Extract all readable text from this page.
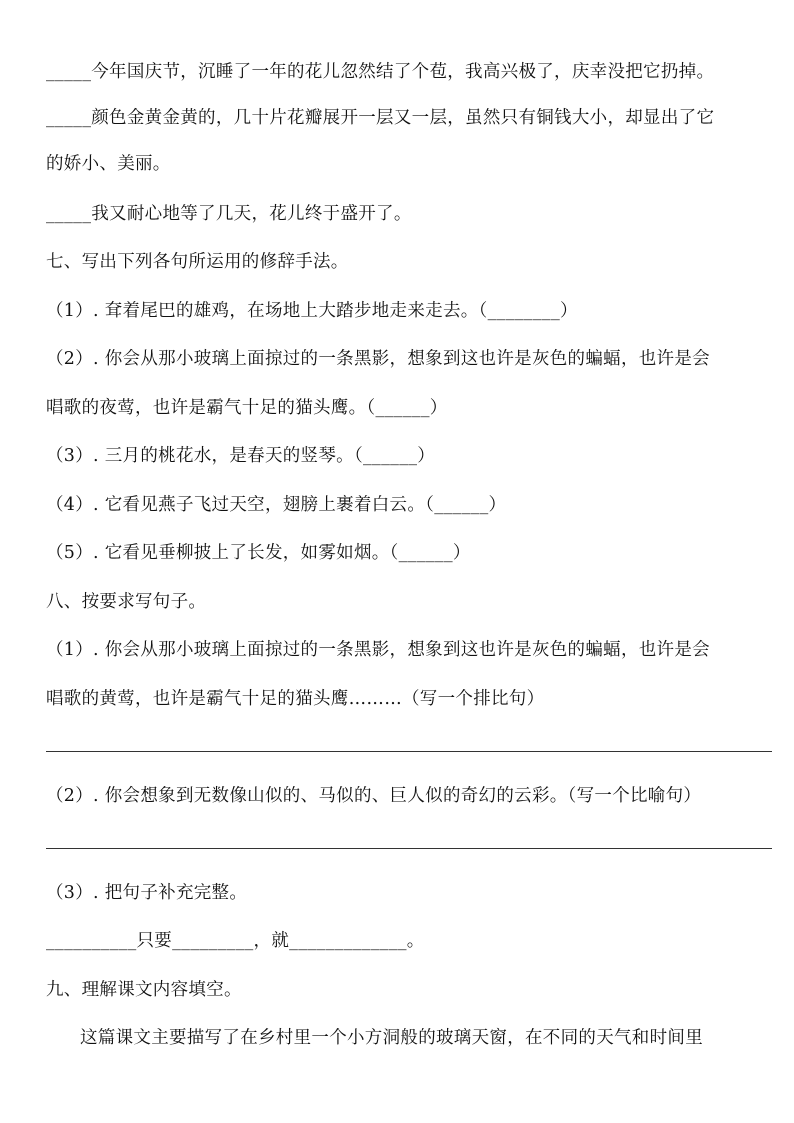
_____今年国庆节，沉睡了一年的花儿忽然结了个苞，我高兴极了，庆幸没把它扔掉。
_____颜色金黄金黄的，几十片花瓣展开一层又一层，虽然只有铜钱大小，却显出了它
的娇小、美丽。
_____我又耐心地等了几天，花儿终于盛开了。
七、写出下列各句所运用的修辞手法。
（1）. 耷着尾巴的雄鸡，在场地上大踏步地走来走去。（________）
（2）. 你会从那小玻璃上面掠过的一条黑影，想象到这也许是灰色的蝙蝠，也许是会
唱歌的夜莺，也许是霸气十足的猫头鹰。（______）
（3）. 三月的桃花水，是春天的竖琴。（______）
（4）. 它看见燕子飞过天空，翅膀上裹着白云。（______）
（5）. 它看见垂柳披上了长发，如雾如烟。（______）
八、按要求写句子。
（1）. 你会从那小玻璃上面掠过的一条黑影，想象到这也许是灰色的蝙蝠，也许是会
唱歌的黄莺，也许是霸气十足的猫头鹰………（写一个排比句）
（2）. 你会想象到无数像山似的、马似的、巨人似的奇幻的云彩。（写一个比喻句）
（3）. 把句子补充完整。
__________只要_________，就_____________。
九、理解课文内容填空。
这篇课文主要描写了在乡村里一个小方洞般的玻璃天窗，在不同的天气和时间里
